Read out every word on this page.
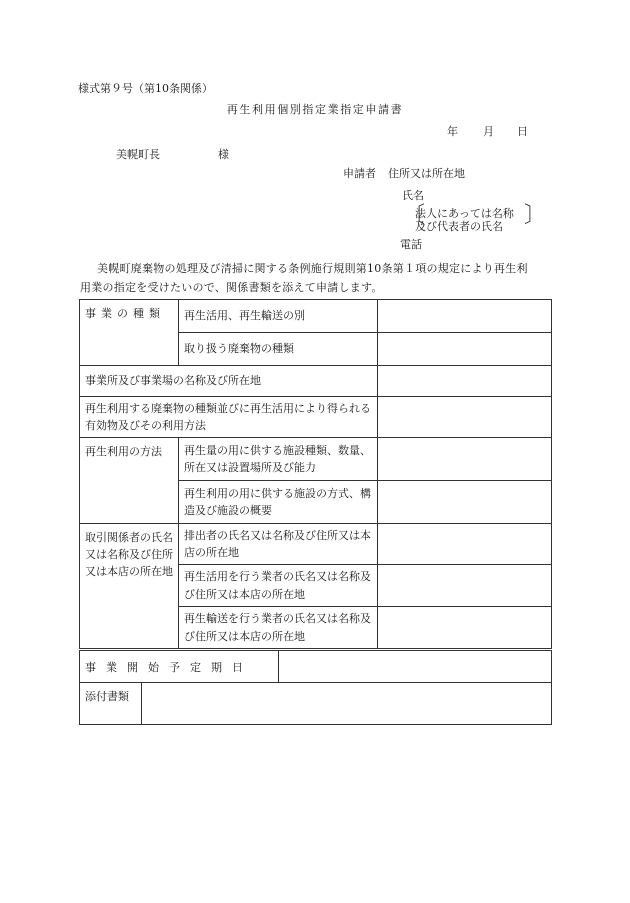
様式第９号（第10条関係）
再生利用個別指定業指定申請書
年 月 日
美幌町長	様
申請者 住所又は所在地
氏名
〔
法人にあっては名称
及び代表者の氏名 〕
電話
美幌町廃棄物の処理及び清掃に関する条例施行規則第10条第１項の規定により再生利
用業の指定を受けたいので、関係書類を添えて申請します。
事業の種類	再生活用、再生輸送の別	
	取り扱う廃棄物の種類	
事業所及び事業場の名称及び所在地		
再生利用する廃棄物の種類並びに再生活用により得られる有効物及びその利用方法		
再生利用の方法	再生量の用に供する施設種類、数量、所在又は設置場所及び能力	
	再生利用の用に供する施設の方式、構造及び施設の概要	
取引関係者の氏名又は名称及び住所又は本店の所在地	排出者の氏名又は名称及び住所又は本店の所在地	
	再生活用を行う業者の氏名又は名称及び住所又は本店の所在地	
	再生輸送を行う業者の氏名又は名称及び住所又は本店の所在地	
事業開始予定期日		
添付書類		
